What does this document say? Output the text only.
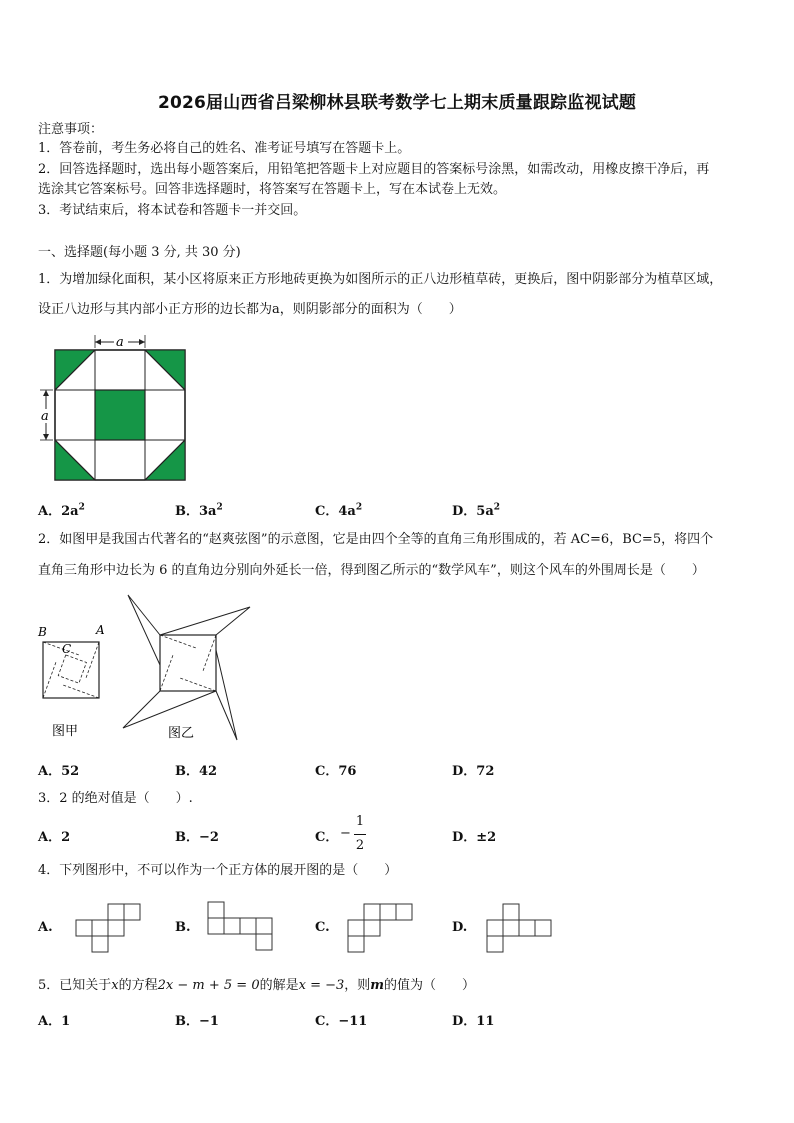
2026届山西省吕梁柳林县联考数学七上期末质量跟踪监视试题
注意事项：
1．答卷前，考生务必将自己的姓名、准考证号填写在答题卡上。
2．回答选择题时，选出每小题答案后，用铅笔把答题卡上对应题目的答案标号涂黑，如需改动，用橡皮擦干净后，再
选涂其它答案标号。回答非选择题时，将答案写在答题卡上，写在本试卷上无效。
3．考试结束后，将本试卷和答题卡一并交回。
一、选择题(每小题 3 分, 共 30 分)
1．为增加绿化面积，某小区将原来正方形地砖更换为如图所示的正八边形植草砖，更换后，图中阴影部分为植草区域，
设正八边形与其内部小正方形的边长都为a，则阴影部分的面积为（　　）
a
a
A．$2a^2$	B．$3a^2$	C．$4a^2$	D．$5a^2$
2．如图甲是我国古代著名的“赵爽弦图”的示意图，它是由四个全等的直角三角形围成的，若 AC=6，BC=5，将四个
直角三角形中边长为 6 的直角边分别向外延长一倍，得到图乙所示的“数学风车”，则这个风车的外围周长是（　　）
B	A
C
图甲	图乙
A．52	B．42	C．76	D．72
3．2 的绝对值是（　　）.
A．2	B．−2	C． −
1
2
D．±2
4．下列图形中，不可以作为一个正方体的展开图的是（　　）
A.	B.	C.	D.
5．已知关于x的方程2x − m + 5 = 0的解是x = −3，则m的值为（　　）
A．1	B．−1	C．−11	D．11
